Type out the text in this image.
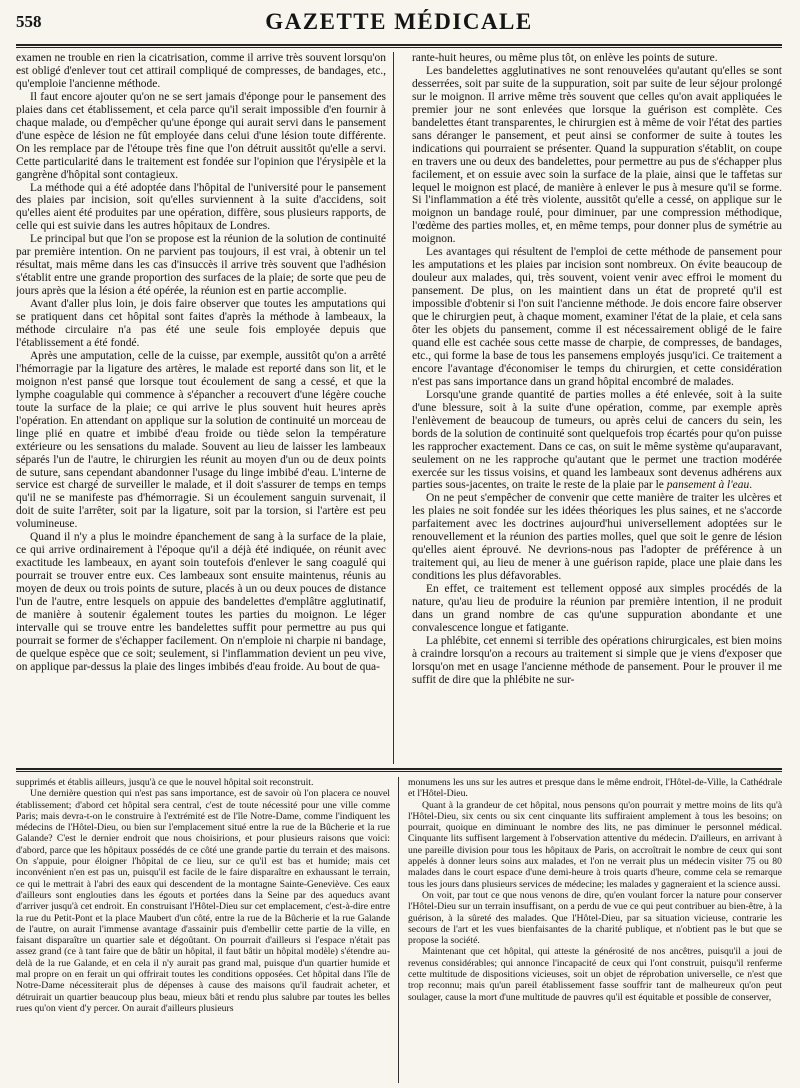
558	GAZETTE MÉDICALE

examen ne trouble en rien la cicatrisation, comme il arrive très souvent lorsqu'on est obligé d'enlever tout cet attirail compliqué de compresses, de bandages, etc., qu'emploie l'ancienne méthode.

Il faut encore ajouter qu'on ne se sert jamais d'éponge pour le pansement des plaies dans cet établissement, et cela parce qu'il serait impossible d'en fournir à chaque malade, ou d'empêcher qu'une éponge qui aurait servi dans le pansement d'une espèce de lésion ne fût employée dans celui d'une lésion toute différente. On les remplace par de l'étoupe très fine que l'on détruit aussitôt qu'elle a servi. Cette particularité dans le traitement est fondée sur l'opinion que l'érysipèle et la gangrène d'hôpital sont contagieux.

La méthode qui a été adoptée dans l'hôpital de l'université pour le pansement des plaies par incision, soit qu'elles surviennent à la suite d'accidens, soit qu'elles aient été produites par une opération, diffère, sous plusieurs rapports, de celle qui est suivie dans les autres hôpitaux de Londres.

Le principal but que l'on se propose est la réunion de la solution de continuité par première intention. On ne parvient pas toujours, il est vrai, à obtenir un tel résultat, mais même dans les cas d'insuccès il arrive très souvent que l'adhésion s'établit entre une grande proportion des surfaces de la plaie; de sorte que peu de jours après que la lésion a été opérée, la réunion est en partie accomplie.

Avant d'aller plus loin, je dois faire observer que toutes les amputations qui se pratiquent dans cet hôpital sont faites d'après la méthode à lambeaux, la méthode circulaire n'a pas été une seule fois employée depuis que l'établissement a été fondé.

Après une amputation, celle de la cuisse, par exemple, aussitôt qu'on a arrêté l'hémorragie par la ligature des artères, le malade est reporté dans son lit, et le moignon n'est pansé que lorsque tout écoulement de sang a cessé, et que la lymphe coagulable qui commence à s'épancher a recouvert d'une légère couche toute la surface de la plaie; ce qui arrive le plus souvent huit heures après l'opération. En attendant on applique sur la solution de continuité un morceau de linge plié en quatre et imbibé d'eau froide ou tiède selon la température extérieure ou les sensations du malade. Souvent au lieu de laisser les lambeaux séparés l'un de l'autre, le chirurgien les réunit au moyen d'un ou de deux points de suture, sans cependant abandonner l'usage du linge imbibé d'eau. L'interne de service est chargé de surveiller le malade, et il doit s'assurer de temps en temps qu'il ne se manifeste pas d'hémorragie. Si un écoulement sanguin survenait, il doit de suite l'arrêter, soit par la ligature, soit par la torsion, si l'artère est peu volumineuse.

Quand il n'y a plus le moindre épanchement de sang à la surface de la plaie, ce qui arrive ordinairement à l'époque qu'il a déjà été indiquée, on réunit avec exactitude les lambeaux, en ayant soin toutefois d'enlever le sang coagulé qui pourrait se trouver entre eux. Ces lambeaux sont ensuite maintenus, réunis au moyen de deux ou trois points de suture, placés à un ou deux pouces de distance l'un de l'autre, entre lesquels on appuie des bandelettes d'emplâtre agglutinatif, de manière à soutenir également toutes les parties du moignon. Le léger intervalle qui se trouve entre les bandelettes suffit pour permettre au pus qui pourrait se former de s'échapper facilement. On n'emploie ni charpie ni bandage, de quelque espèce que ce soit; seulement, si l'inflammation devient un peu vive, on applique par-dessus la plaie des linges imbibés d'eau froide. Au bout de qua-

rante-huit heures, ou même plus tôt, on enlève les points de suture.

Les bandelettes agglutinatives ne sont renouvelées qu'autant qu'elles se sont desserrées, soit par suite de la suppuration, soit par suite de leur séjour prolongé sur le moignon. Il arrive même très souvent que celles qu'on avait appliquées le premier jour ne sont enlevées que lorsque la guérison est complète. Ces bandelettes étant transparentes, le chirurgien est à même de voir l'état des parties sans déranger le pansement, et peut ainsi se conformer de suite à toutes les indications qui pourraient se présenter. Quand la suppuration s'établit, on coupe en travers une ou deux des bandelettes, pour permettre au pus de s'échapper plus facilement, et on essuie avec soin la surface de la plaie, ainsi que le taffetas sur lequel le moignon est placé, de manière à enlever le pus à mesure qu'il se forme. Si l'inflammation a été très violente, aussitôt qu'elle a cessé, on applique sur le moignon un bandage roulé, pour diminuer, par une compression méthodique, l'œdème des parties molles, et, en même temps, pour donner plus de symétrie au moignon.

Les avantages qui résultent de l'emploi de cette méthode de pansement pour les amputations et les plaies par incision sont nombreux. On évite beaucoup de douleur aux malades, qui, très souvent, voient venir avec effroi le moment du pansement. De plus, on les maintient dans un état de propreté qu'il est impossible d'obtenir si l'on suit l'ancienne méthode. Je dois encore faire observer que le chirurgien peut, à chaque moment, examiner l'état de la plaie, et cela sans ôter les objets du pansement, comme il est nécessairement obligé de le faire quand elle est cachée sous cette masse de charpie, de compresses, de bandages, etc., qui forme la base de tous les pansemens employés jusqu'ici. Ce traitement a encore l'avantage d'économiser le temps du chirurgien, et cette considération n'est pas sans importance dans un grand hôpital encombré de malades.

Lorsqu'une grande quantité de parties molles a été enlevée, soit à la suite d'une blessure, soit à la suite d'une opération, comme, par exemple après l'enlèvement de beaucoup de tumeurs, ou après celui de cancers du sein, les bords de la solution de continuité sont quelquefois trop écartés pour qu'on puisse les rapprocher exactement. Dans ce cas, on suit le même système qu'auparavant, seulement on ne les rapproche qu'autant que le permet une traction modérée exercée sur les tissus voisins, et quand les lambeaux sont devenus adhérens aux parties sous-jacentes, on traite le reste de la plaie par le pansement à l'eau.

On ne peut s'empêcher de convenir que cette manière de traiter les ulcères et les plaies ne soit fondée sur les idées théoriques les plus saines, et ne s'accorde parfaitement avec les doctrines aujourd'hui universellement adoptées sur le renouvellement et la réunion des parties molles, quel que soit le genre de lésion qu'elles aient éprouvé. Ne devrions-nous pas l'adopter de préférence à un traitement qui, au lieu de mener à une guérison rapide, place une plaie dans les conditions les plus défavorables.

En effet, ce traitement est tellement opposé aux simples procédés de la nature, qu'au lieu de produire la réunion par première intention, il ne produit dans un grand nombre de cas qu'une suppuration abondante et une convalescence longue et fatigante.

La phlébite, cet ennemi si terrible des opérations chirurgicales, est bien moins à craindre lorsqu'on a recours au traitement si simple que je viens d'exposer que lorsqu'on met en usage l'ancienne méthode de pansement. Pour le prouver il me suffit de dire que la phlébite ne sur-

supprimés et établis ailleurs, jusqu'à ce que le nouvel hôpital soit reconstruit.

Une dernière question qui n'est pas sans importance, est de savoir où l'on placera ce nouvel établissement; d'abord cet hôpital sera central, c'est de toute nécessité pour une ville comme Paris; mais devra-t-on le construire à l'extrémité est de l'île Notre-Dame, comme l'indiquent les médecins de l'Hôtel-Dieu, ou bien sur l'emplacement situé entre la rue de la Bûcherie et la rue Galande? C'est le dernier endroit que nous choisirions, et pour plusieurs raisons que voici: d'abord, parce que les hôpitaux possédés de ce côté une grande partie du terrain et des maisons. On s'appuie, pour éloigner l'hôpital de ce lieu, sur ce qu'il est bas et humide; mais cet inconvénient n'en est pas un, puisqu'il est facile de le faire disparaître en exhaussant le terrain, ce qui le mettrait à l'abri des eaux qui descendent de la montagne Sainte-Geneviève. Ces eaux d'ailleurs sont englouties dans les égouts et portées dans la Seine par des aqueducs avant d'arriver jusqu'à cet endroit. En construisant l'Hôtel-Dieu sur cet emplacement, c'est-à-dire entre la rue du Petit-Pont et la place Maubert d'un côté, entre la rue de la Bûcherie et la rue Galande de l'autre, on aurait l'immense avantage d'assainir puis d'embellir cette partie de la ville, en faisant disparaître un quartier sale et dégoûtant. On pourrait d'ailleurs si l'espace n'était pas assez grand (ce à tant faire que de bâtir un hôpital, il faut bâtir un hôpital modèle) s'étendre au-delà de la rue Galande, et en cela il n'y aurait pas grand mal, puisque d'un quartier humide et mal propre on en ferait un qui offrirait toutes les conditions opposées. Cet hôpital dans l'île de Notre-Dame nécessiterait plus de dépenses à cause des maisons qu'il faudrait acheter, et détruirait un quartier beaucoup plus beau, mieux bâti et rendu plus salubre par toutes les belles rues qu'on vient d'y percer. On aurait d'ailleurs plusieurs

monumens les uns sur les autres et presque dans le même endroit, l'Hôtel-de-Ville, la Cathédrale et l'Hôtel-Dieu.

Quant à la grandeur de cet hôpital, nous pensons qu'on pourrait y mettre moins de lits qu'à l'Hôtel-Dieu, six cents ou six cent cinquante lits suffiraient amplement à tous les besoins; on pourrait, quoique en diminuant le nombre des lits, ne pas diminuer le personnel médical. Cinquante lits suffisent largement à l'observation attentive du médecin. D'ailleurs, en arrivant à une pareille division pour tous les hôpitaux de Paris, on accroîtrait le nombre de ceux qui sont appelés à donner leurs soins aux malades, et l'on ne verrait plus un médecin visiter 75 ou 80 malades dans le court espace d'une demi-heure à trois quarts d'heure, comme cela se remarque tous les jours dans plusieurs services de médecine; les malades y gagneraient et la science aussi.

On voit, par tout ce que nous venons de dire, qu'en voulant forcer la nature pour conserver l'Hôtel-Dieu sur un terrain insuffisant, on a perdu de vue ce qui peut contribuer au bien-être, à la guérison, à la sûreté des malades. Que l'Hôtel-Dieu, par sa situation vicieuse, contrarie les secours de l'art et les vues bienfaisantes de la charité publique, et n'obtient pas le but que se propose la société.

Maintenant que cet hôpital, qui atteste la générosité de nos ancêtres, puisqu'il a joui de revenus considérables; qui annonce l'incapacité de ceux qui l'ont construit, puisqu'il renferme cette multitude de dispositions vicieuses, soit un objet de réprobation universelle, ce n'est que trop reconnu; mais qu'un pareil établissement fasse souffrir tant de malheureux qu'on peut soulager, cause la mort d'une multitude de pauvres qu'il est équitable et possible de conserver,
